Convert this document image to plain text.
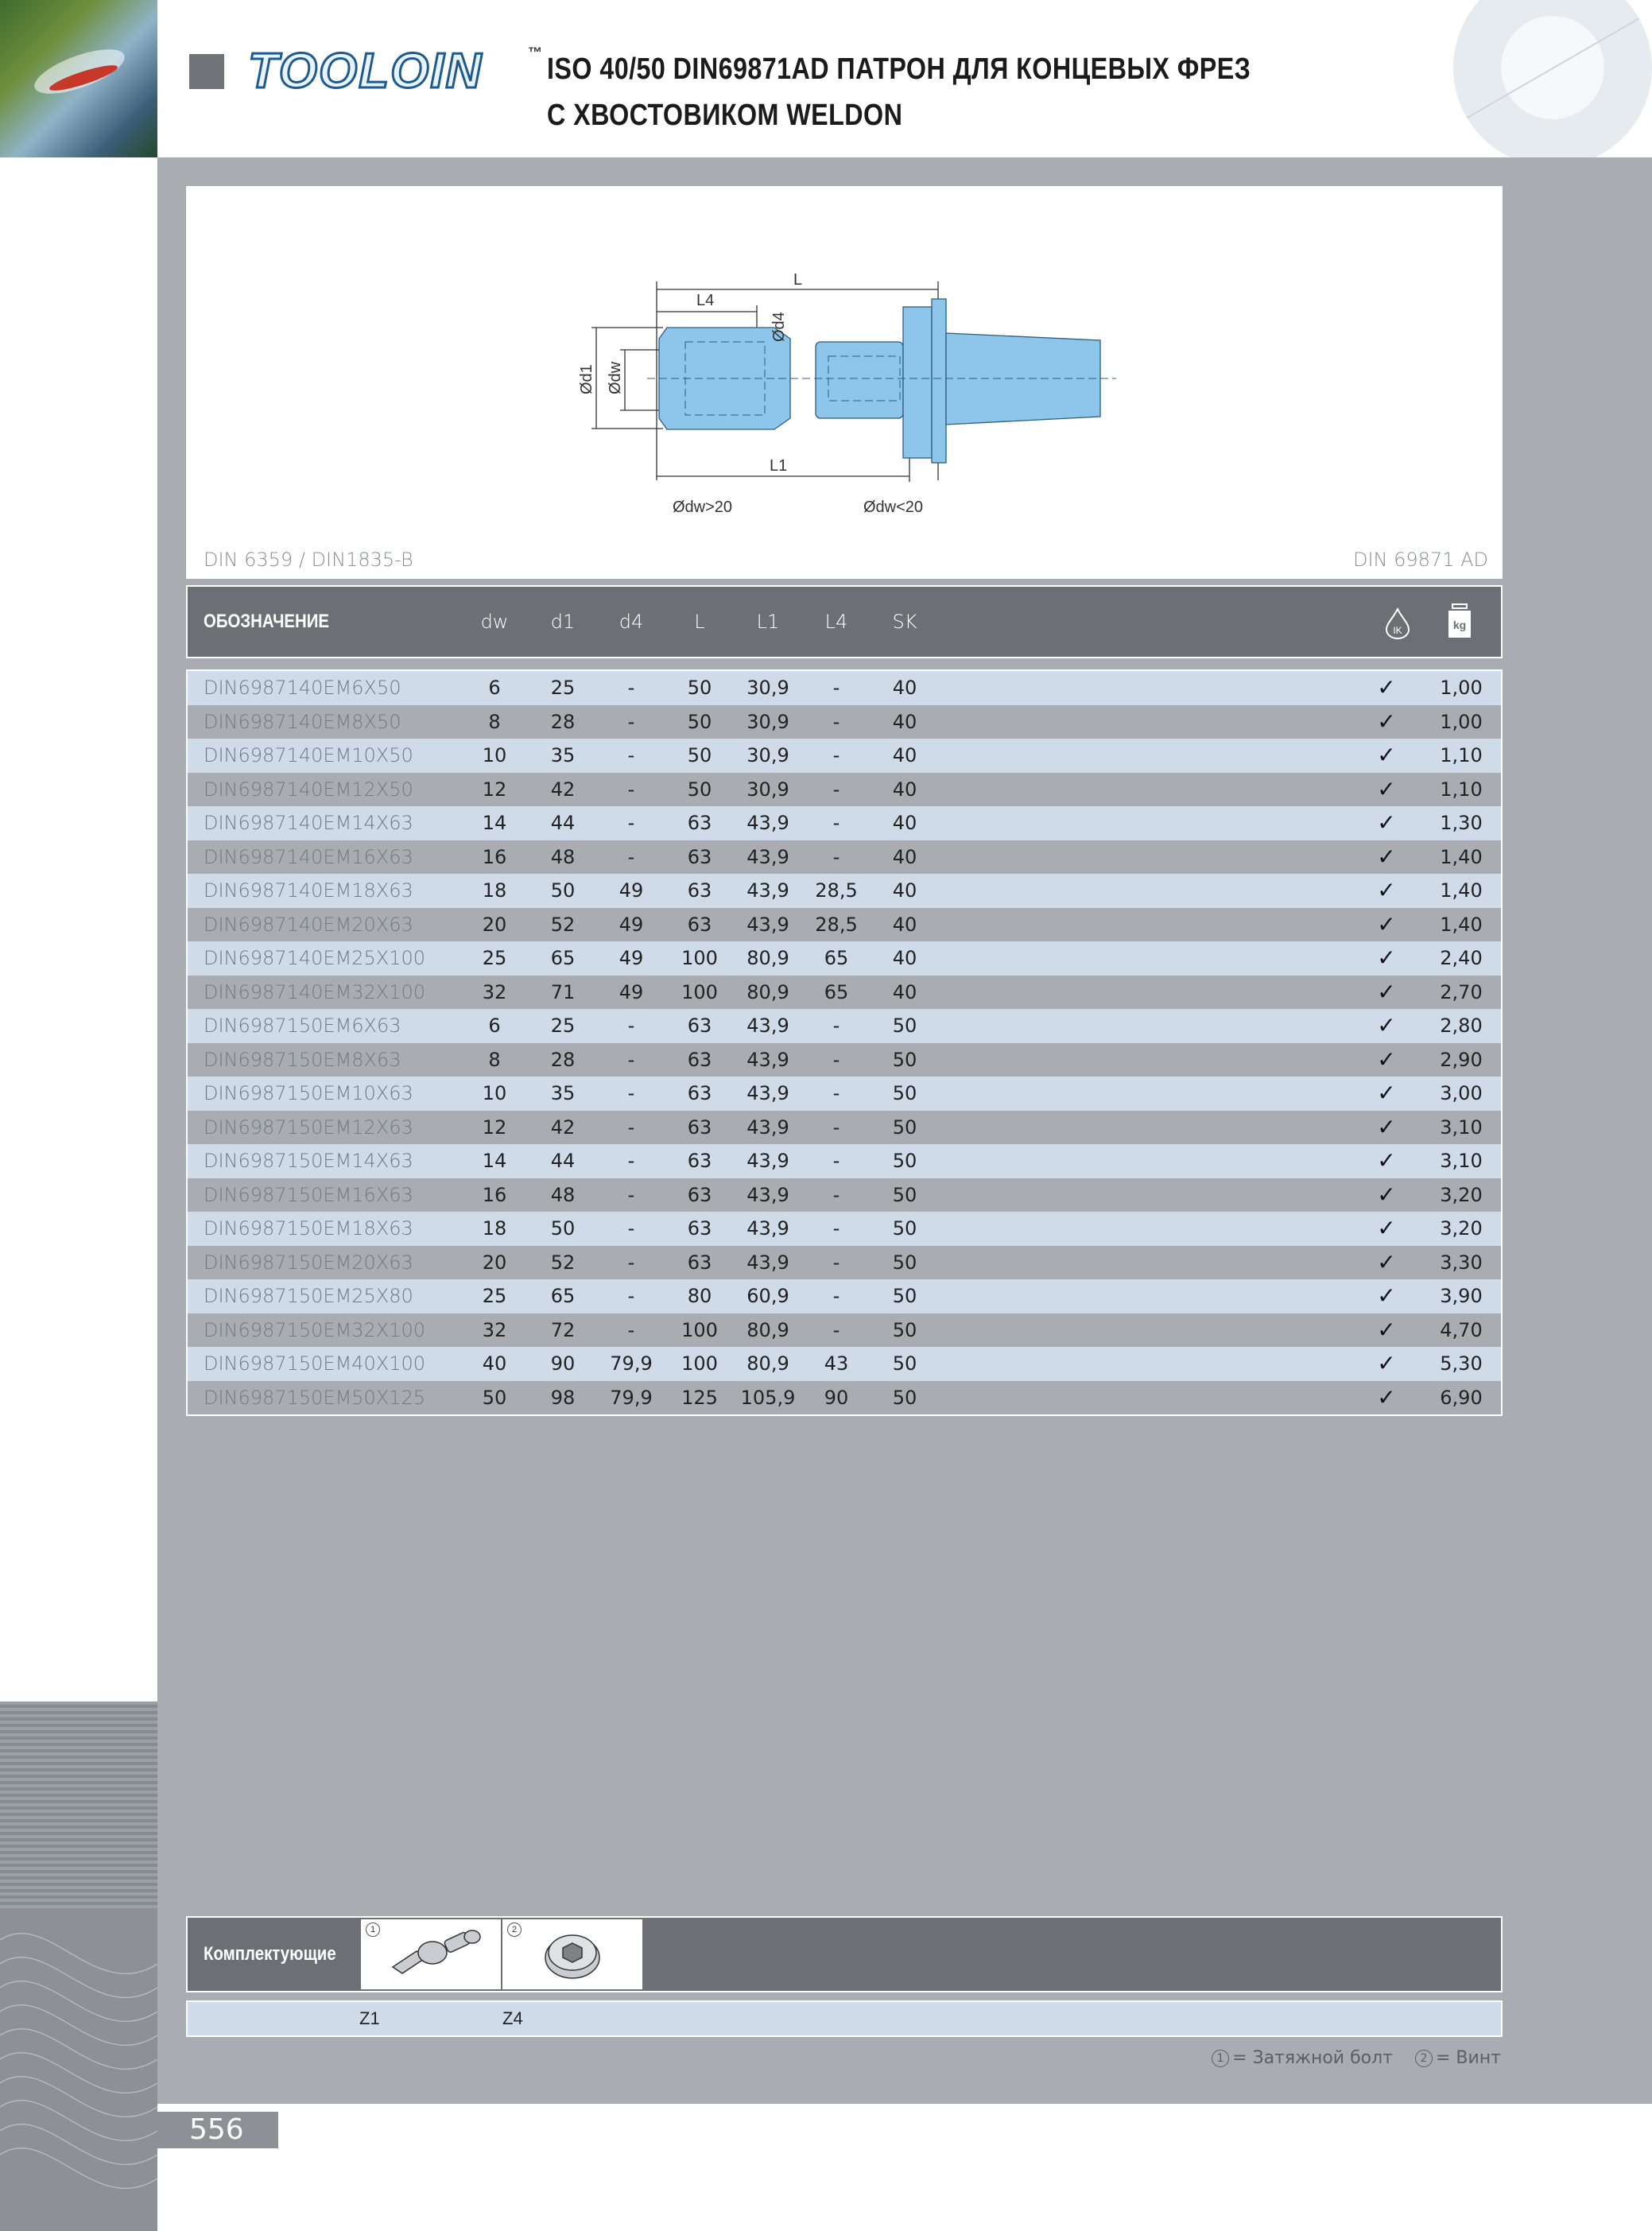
TOOLOIN	™ ISO 40/50 DIN69871AD ПАТРОН ДЛЯ КОНЦЕВЫХ ФРЕЗ
С ХВОСТОВИКОМ WELDON
L
L4
Ød4
Ød1 Ødw
L1
Ødw>20	Ødw<20
DIN 6359 / DIN1835-B	DIN 69871 AD
ОБОЗНАЧЕНИЕ	dw	d1	d4	L	L1	L4	SK	IK	kg
DIN6987140EM6X50	6	25	-	50	30,9	-	40	✓	1,00
DIN6987140EM8X50	8	28	-	50	30,9	-	40	✓	1,00
DIN6987140EM10X50	10	35	-	50	30,9	-	40	✓	1,10
DIN6987140EM12X50	12	42	-	50	30,9	-	40	✓	1,10
DIN6987140EM14X63	14	44	-	63	43,9	-	40	✓	1,30
DIN6987140EM16X63	16	48	-	63	43,9	-	40	✓	1,40
DIN6987140EM18X63	18	50	49	63	43,9	28,5	40	✓	1,40
DIN6987140EM20X63	20	52	49	63	43,9	28,5	40	✓	1,40
DIN6987140EM25X100	25	65	49	100	80,9	65	40	✓	2,40
DIN6987140EM32X100	32	71	49	100	80,9	65	40	✓	2,70
DIN6987150EM6X63	6	25	-	63	43,9	-	50	✓	2,80
DIN6987150EM8X63	8	28	-	63	43,9	-	50	✓	2,90
DIN6987150EM10X63	10	35	-	63	43,9	-	50	✓	3,00
DIN6987150EM12X63	12	42	-	63	43,9	-	50	✓	3,10
DIN6987150EM14X63	14	44	-	63	43,9	-	50	✓	3,10
DIN6987150EM16X63	16	48	-	63	43,9	-	50	✓	3,20
DIN6987150EM18X63	18	50	-	63	43,9	-	50	✓	3,20
DIN6987150EM20X63	20	52	-	63	43,9	-	50	✓	3,30
DIN6987150EM25X80	25	65	-	80	60,9	-	50	✓	3,90
DIN6987150EM32X100	32	72	-	100	80,9	-	50	✓	4,70
DIN6987150EM40X100	40	90	79,9	100	80,9	43	50	✓	5,30
DIN6987150EM50X125	50	98	79,9	125	105,9	90	50	✓	6,90
Комплектующие
1	2
Z1	Z4
1 = Затяжной болт 2 = Винт
556
